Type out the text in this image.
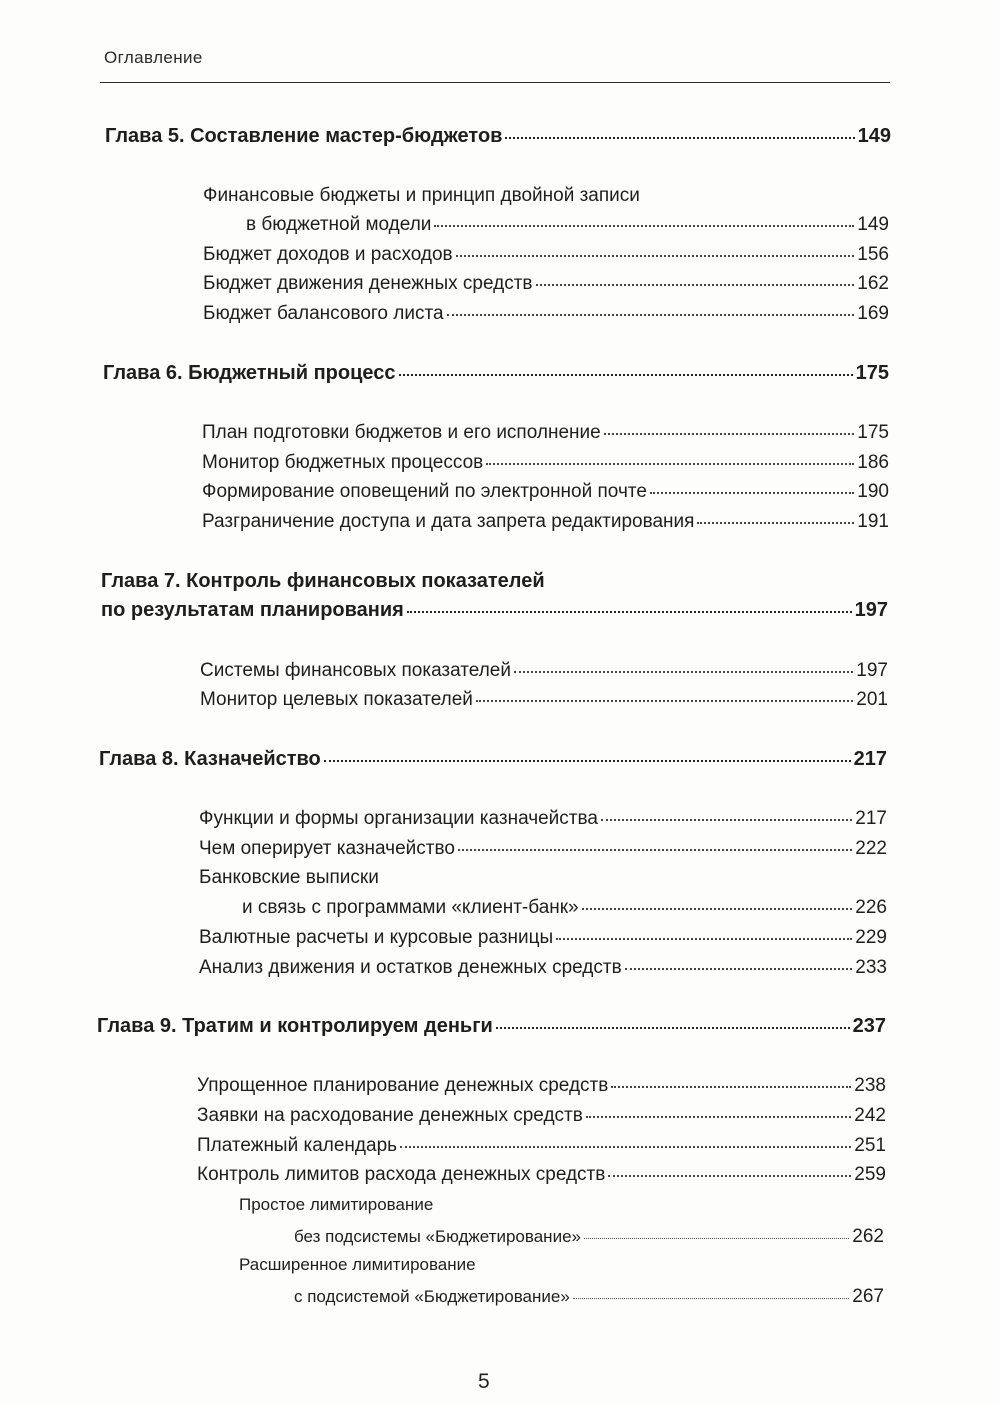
Оглавление
Глава 5. Составление мастер-бюджетов	149
Финансовые бюджеты и принцип двойной записи
в бюджетной модели	149
Бюджет доходов и расходов	156
Бюджет движения денежных средств	162
Бюджет балансового листа	169
Глава 6. Бюджетный процесс	175
План подготовки бюджетов и его исполнение	175
Монитор бюджетных процессов	186
Формирование оповещений по электронной почте	190
Разграничение доступа и дата запрета редактирования	191
Глава 7. Контроль финансовых показателей
по результатам планирования	197
Системы финансовых показателей	197
Монитор целевых показателей	201
Глава 8. Казначейство	217
Функции и формы организации казначейства	217
Чем оперирует казначейство	222
Банковские выписки
и связь с программами «клиент-банк»	226
Валютные расчеты и курсовые разницы	229
Анализ движения и остатков денежных средств	233
Глава 9. Тратим и контролируем деньги	237
Упрощенное планирование денежных средств	238
Заявки на расходование денежных средств	242
Платежный календарь	251
Контроль лимитов расхода денежных средств	259
Простое лимитирование
без подсистемы «Бюджетирование»	262
Расширенное лимитирование
с подсистемой «Бюджетирование»	267
5
